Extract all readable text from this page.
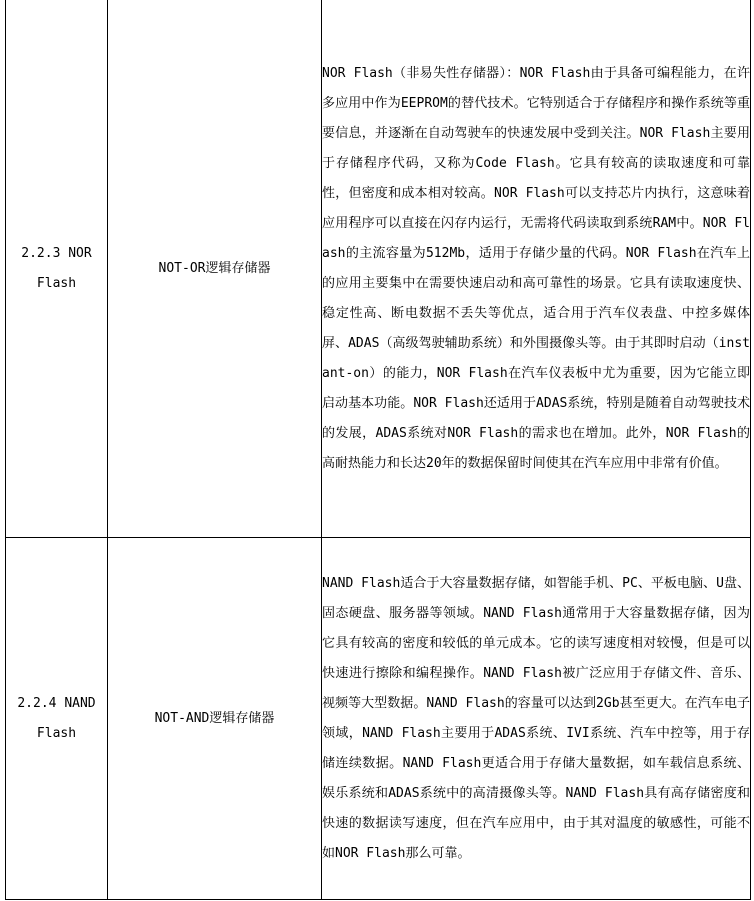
2.2.3 NOR Flash	NOT-OR逻辑存储器	NOR Flash（非易失性存储器）：NOR Flash由于具备可编程能力，在许多应用中作为EEPROM的替代技术。它特别适合于存储程序和操作系统等重要信息，并逐渐在自动驾驶车的快速发展中受到关注。NOR Flash主要用于存储程序代码，又称为Code Flash。它具有较高的读取速度和可靠性，但密度和成本相对较高。NOR Flash可以支持芯片内执行，这意味着应用程序可以直接在闪存内运行，无需将代码读取到系统RAM中。NOR Flash的主流容量为512Mb，适用于存储少量的代码。NOR Flash在汽车上的应用主要集中在需要快速启动和高可靠性的场景。它具有读取速度快、稳定性高、断电数据不丢失等优点，适合用于汽车仪表盘、中控多媒体屏、ADAS（高级驾驶辅助系统）和外围摄像头等。由于其即时启动（instant-on）的能力，NOR Flash在汽车仪表板中尤为重要，因为它能立即启动基本功能。NOR Flash还适用于ADAS系统，特别是随着自动驾驶技术的发展，ADAS系统对NOR Flash的需求也在增加。此外，NOR Flash的高耐热能力和长达20年的数据保留时间使其在汽车应用中非常有价值。
2.2.4 NAND Flash	NOT-AND逻辑存储器	NAND Flash适合于大容量数据存储，如智能手机、PC、平板电脑、U盘、固态硬盘、服务器等领域。NAND Flash通常用于大容量数据存储，因为它具有较高的密度和较低的单元成本。它的读写速度相对较慢，但是可以快速进行擦除和编程操作。NAND Flash被广泛应用于存储文件、音乐、视频等大型数据。NAND Flash的容量可以达到2Gb甚至更大。在汽车电子领域，NAND Flash主要用于ADAS系统、IVI系统、汽车中控等，用于存储连续数据。NAND Flash更适合用于存储大量数据，如车载信息系统、娱乐系统和ADAS系统中的高清摄像头等。NAND Flash具有高存储密度和快速的数据读写速度，但在汽车应用中，由于其对温度的敏感性，可能不如NOR Flash那么可靠。
